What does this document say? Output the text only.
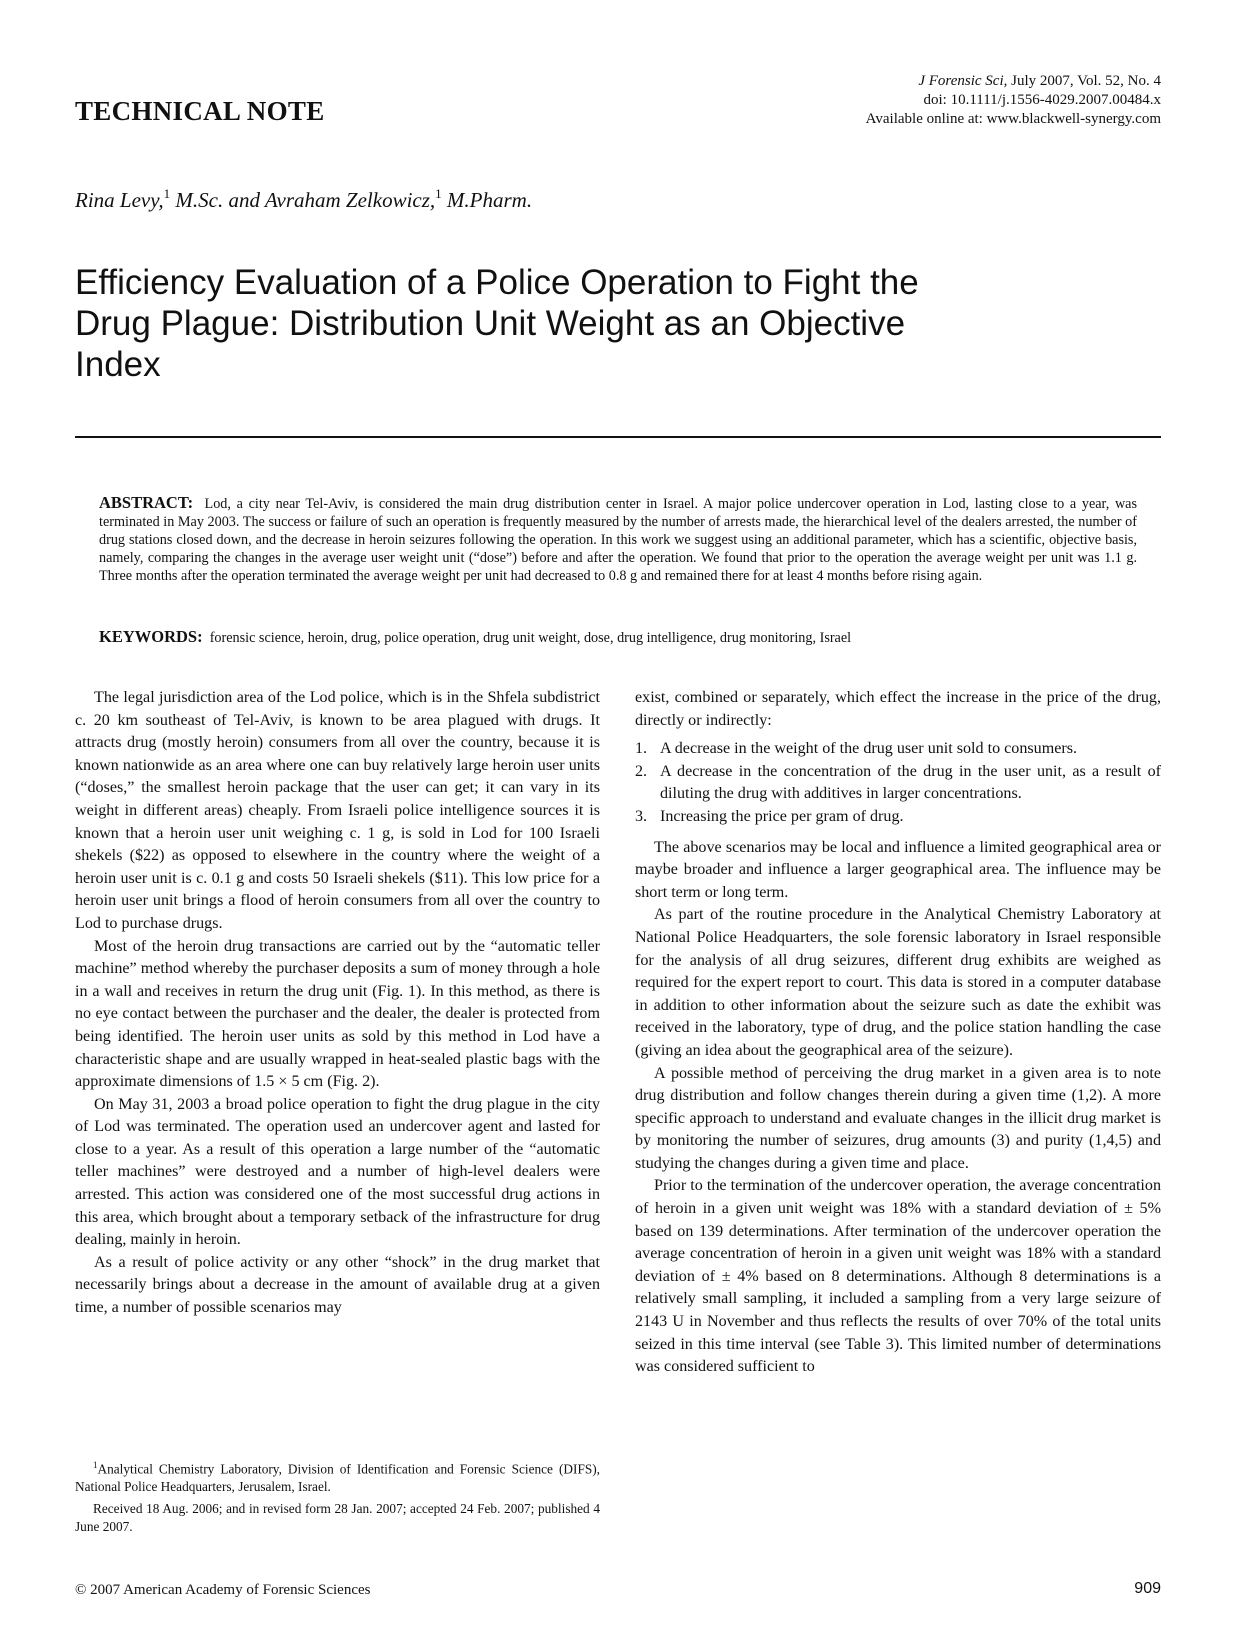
TECHNICAL NOTE
J Forensic Sci, July 2007, Vol. 52, No. 4
doi: 10.1111/j.1556-4029.2007.00484.x
Available online at: www.blackwell-synergy.com
Rina Levy,$^1$ M.Sc. and Avraham Zelkowicz,$^1$ M.Pharm.
Efficiency Evaluation of a Police Operation to Fight the Drug Plague: Distribution Unit Weight as an Objective Index
ABSTRACT: Lod, a city near Tel-Aviv, is considered the main drug distribution center in Israel. A major police undercover operation in Lod, lasting close to a year, was terminated in May 2003. The success or failure of such an operation is frequently measured by the number of arrests made, the hierarchical level of the dealers arrested, the number of drug stations closed down, and the decrease in heroin seizures following the operation. In this work we suggest using an additional parameter, which has a scientific, objective basis, namely, comparing the changes in the average user weight unit (“dose”) before and after the operation. We found that prior to the operation the average weight per unit was 1.1 g. Three months after the operation terminated the average weight per unit had decreased to 0.8 g and remained there for at least 4 months before rising again.
KEYWORDS: forensic science, heroin, drug, police operation, drug unit weight, dose, drug intelligence, drug monitoring, Israel

The legal jurisdiction area of the Lod police, which is in the Shfela subdistrict c. 20 km southeast of Tel-Aviv, is known to be area plagued with drugs. It attracts drug (mostly heroin) consumers from all over the country, because it is known nationwide as an area where one can buy relatively large heroin user units (“doses,” the smallest heroin package that the user can get; it can vary in its weight in different areas) cheaply. From Israeli police intelligence sources it is known that a heroin user unit weighing c. 1 g, is sold in Lod for 100 Israeli shekels ($22) as opposed to elsewhere in the country where the weight of a heroin user unit is c. 0.1 g and costs 50 Israeli shekels ($11). This low price for a heroin user unit brings a flood of heroin consumers from all over the country to Lod to purchase drugs.

Most of the heroin drug transactions are carried out by the “automatic teller machine” method whereby the purchaser deposits a sum of money through a hole in a wall and receives in return the drug unit (Fig. 1). In this method, as there is no eye contact between the purchaser and the dealer, the dealer is protected from being identified. The heroin user units as sold by this method in Lod have a characteristic shape and are usually wrapped in heat-sealed plastic bags with the approximate dimensions of 1.5 × 5 cm (Fig. 2).

On May 31, 2003 a broad police operation to fight the drug plague in the city of Lod was terminated. The operation used an undercover agent and lasted for close to a year. As a result of this operation a large number of the “automatic teller machines” were destroyed and a number of high-level dealers were arrested. This action was considered one of the most successful drug actions in this area, which brought about a temporary setback of the infrastructure for drug dealing, mainly in heroin.

As a result of police activity or any other “shock” in the drug market that necessarily brings about a decrease in the amount of available drug at a given time, a number of possible scenarios may

$^1$Analytical Chemistry Laboratory, Division of Identification and Forensic Science (DIFS), National Police Headquarters, Jerusalem, Israel.

Received 18 Aug. 2006; and in revised form 28 Jan. 2007; accepted 24 Feb. 2007; published 4 June 2007.

exist, combined or separately, which effect the increase in the price of the drug, directly or indirectly:

1. A decrease in the weight of the drug user unit sold to consumers.
2. A decrease in the concentration of the drug in the user unit, as a result of diluting the drug with additives in larger concentrations.
3. Increasing the price per gram of drug.

The above scenarios may be local and influence a limited geographical area or maybe broader and influence a larger geographical area. The influence may be short term or long term.

As part of the routine procedure in the Analytical Chemistry Laboratory at National Police Headquarters, the sole forensic laboratory in Israel responsible for the analysis of all drug seizures, different drug exhibits are weighed as required for the expert report to court. This data is stored in a computer database in addition to other information about the seizure such as date the exhibit was received in the laboratory, type of drug, and the police station handling the case (giving an idea about the geographical area of the seizure).

A possible method of perceiving the drug market in a given area is to note drug distribution and follow changes therein during a given time (1,2). A more specific approach to understand and evaluate changes in the illicit drug market is by monitoring the number of seizures, drug amounts (3) and purity (1,4,5) and studying the changes during a given time and place.

Prior to the termination of the undercover operation, the average concentration of heroin in a given unit weight was 18% with a standard deviation of ± 5% based on 139 determinations. After termination of the undercover operation the average concentration of heroin in a given unit weight was 18% with a standard deviation of ± 4% based on 8 determinations. Although 8 determinations is a relatively small sampling, it included a sampling from a very large seizure of 2143 U in November and thus reflects the results of over 70% of the total units seized in this time interval (see Table 3). This limited number of determinations was considered sufficient to

© 2007 American Academy of Forensic Sciences	909
